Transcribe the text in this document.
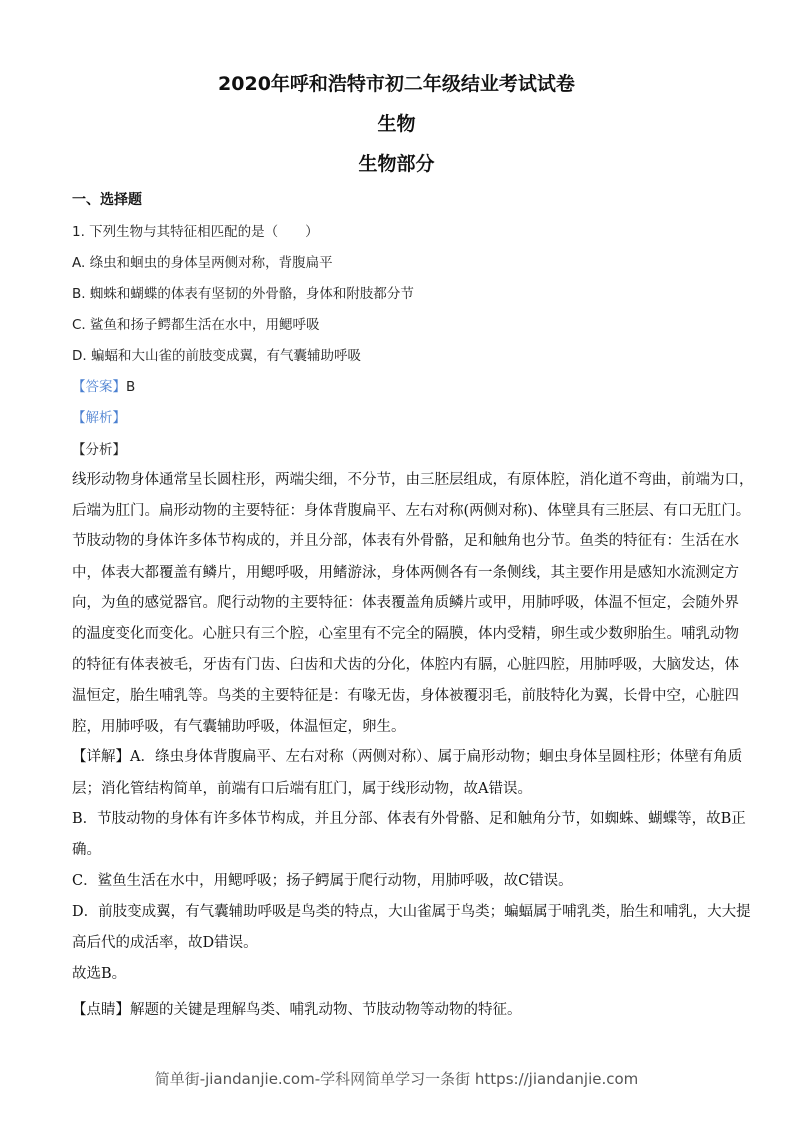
2020年呼和浩特市初二年级结业考试试卷
生物
生物部分
一、选择题
1. 下列生物与其特征相匹配的是（　　）
A. 绦虫和蛔虫的身体呈两侧对称，背腹扁平
B. 蜘蛛和蝴蝶的体表有坚韧的外骨骼，身体和附肢都分节
C. 鲨鱼和扬子鳄都生活在水中，用鳃呼吸
D. 蝙蝠和大山雀的前肢变成翼，有气囊辅助呼吸
【答案】B
【解析】
【分析】
线形动物身体通常呈长圆柱形，两端尖细，不分节，由三胚层组成，有原体腔，消化道不弯曲，前端为口，
后端为肛门。扁形动物的主要特征：身体背腹扁平、左右对称(两侧对称)、体壁具有三胚层、有口无肛门。
节肢动物的身体许多体节构成的，并且分部，体表有外骨骼，足和触角也分节。鱼类的特征有：生活在水
中，体表大都覆盖有鳞片，用鳃呼吸，用鳍游泳，身体两侧各有一条侧线，其主要作用是感知水流测定方
向，为鱼的感觉器官。爬行动物的主要特征：体表覆盖角质鳞片或甲，用肺呼吸，体温不恒定，会随外界
的温度变化而变化。心脏只有三个腔，心室里有不完全的隔膜，体内受精，卵生或少数卵胎生。哺乳动物
的特征有体表被毛，牙齿有门齿、臼齿和犬齿的分化，体腔内有膈，心脏四腔，用肺呼吸，大脑发达，体
温恒定，胎生哺乳等。鸟类的主要特征是：有喙无齿，身体被覆羽毛，前肢特化为翼，长骨中空，心脏四
腔，用肺呼吸，有气囊辅助呼吸，体温恒定，卵生。
【详解】A．绦虫身体背腹扁平、左右对称（两侧对称）、属于扁形动物；蛔虫身体呈圆柱形；体壁有角质
层；消化管结构简单，前端有口后端有肛门，属于线形动物，故A错误。
B．节肢动物的身体有许多体节构成，并且分部、体表有外骨骼、足和触角分节，如蜘蛛、蝴蝶等，故B正
确。
C．鲨鱼生活在水中，用鳃呼吸；扬子鳄属于爬行动物，用肺呼吸，故C错误。
D．前肢变成翼，有气囊辅助呼吸是鸟类的特点，大山雀属于鸟类；蝙蝠属于哺乳类，胎生和哺乳，大大提
高后代的成活率，故D错误。
故选B。
【点睛】解题的关键是理解鸟类、哺乳动物、节肢动物等动物的特征。
简单街-jiandanjie.com-学科网简单学习一条街 https://jiandanjie.com
